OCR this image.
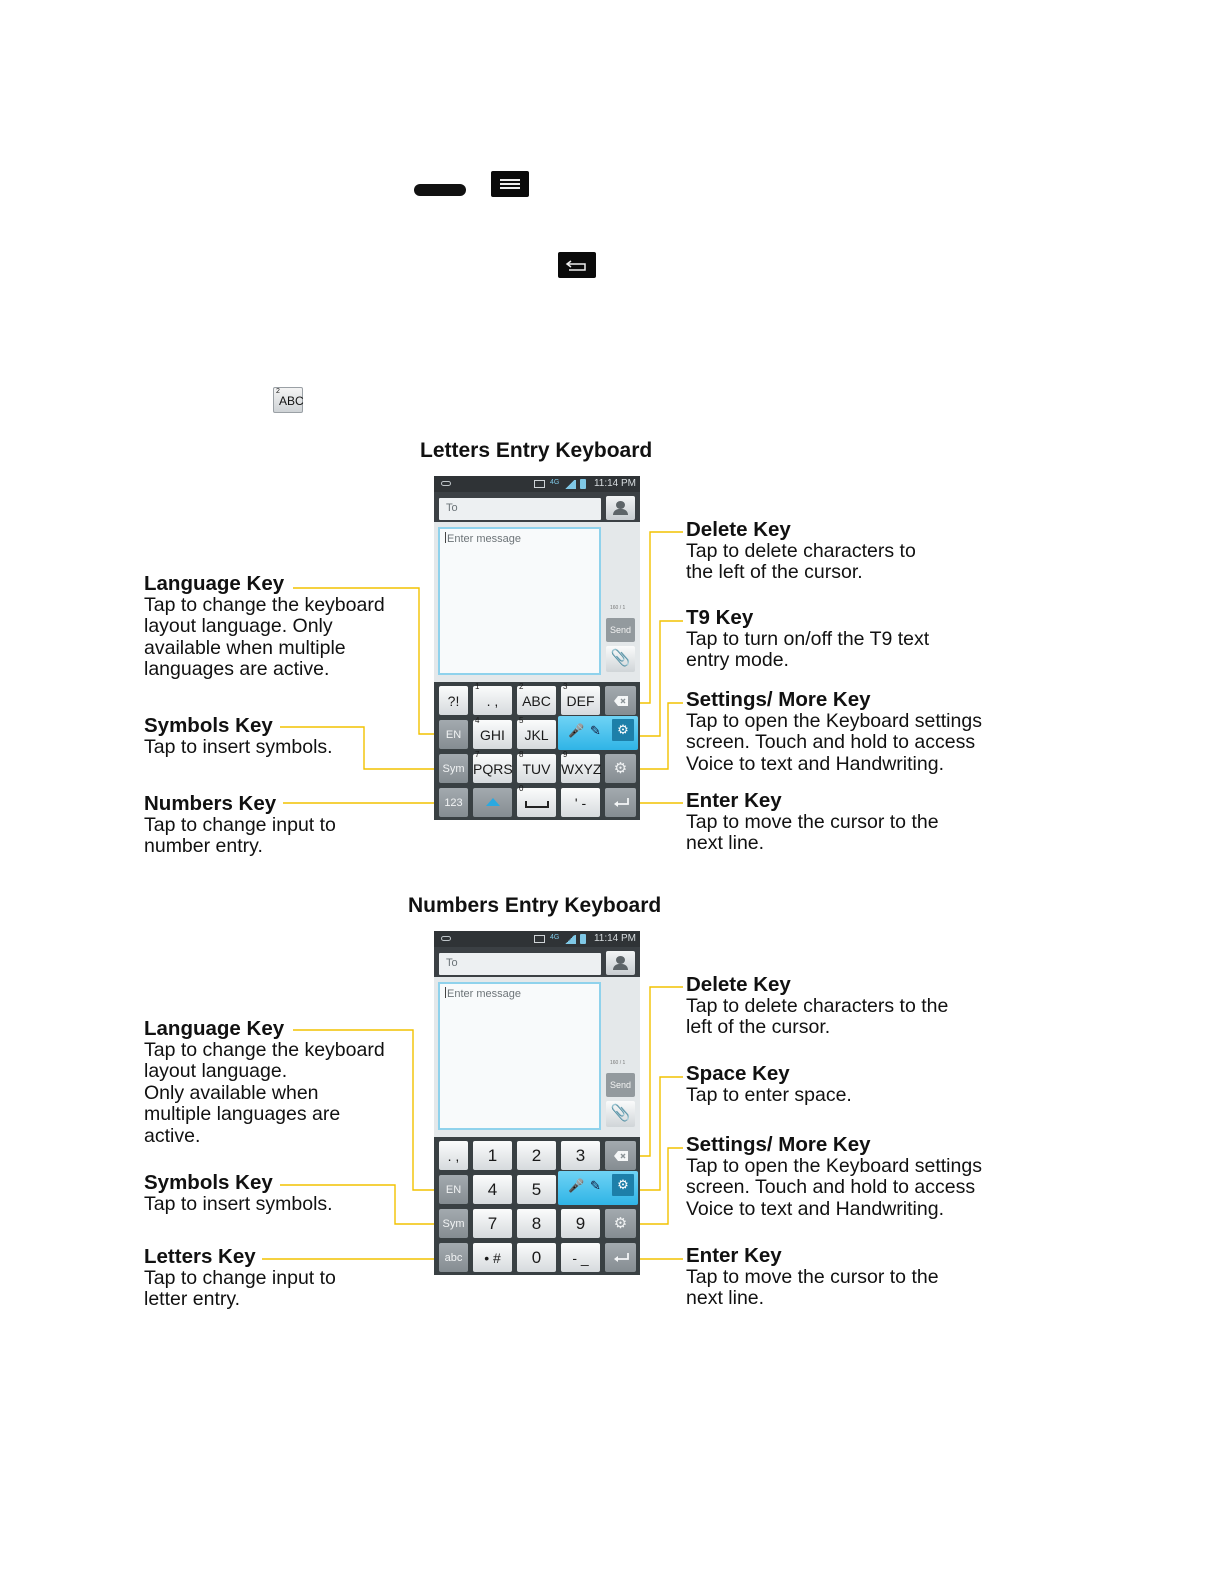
2
ABC
Letters Entry Keyboard
4G	11:14 PM
To
Enter message
160 / 1
Send
📎
?!
1
. ,
2
ABC
3
DEF
EN
4
GHI
5
JKL	🎤 ✎	⚙
Sym
7
PQRS
8
TUV
9
WXYZ ⚙
123
0
' -
Language Key
Tap to change the keyboard
layout language. Only
available when multiple
languages are active.
Symbols Key
Tap to insert symbols.
Numbers Key
Tap to change input to
number entry.
Delete Key
Tap to delete characters to
the left of the cursor.
T9 Key
Tap to turn on/off the T9 text
entry mode.
Settings/ More Key
Tap to open the Keyboard settings
screen. Touch and hold to access
Voice to text and Handwriting.
Enter Key
Tap to move the cursor to the
next line.
Numbers Entry Keyboard
4G	11:14 PM
To
Enter message
160 / 1
Send
📎
. ,	1	2	3
EN	4	5	🎤 ✎	⚙
Sym	7	8	9	⚙
abc	• #	0	- _
Language Key
Tap to change the keyboard
layout language.
Only available when
multiple languages are
active.
Symbols Key
Tap to insert symbols.
Letters Key
Tap to change input to
letter entry.
Delete Key
Tap to delete characters to the
left of the cursor.
Space Key
Tap to enter space.
Settings/ More Key
Tap to open the Keyboard settings
screen. Touch and hold to access
Voice to text and Handwriting.
Enter Key
Tap to move the cursor to the
next line.
